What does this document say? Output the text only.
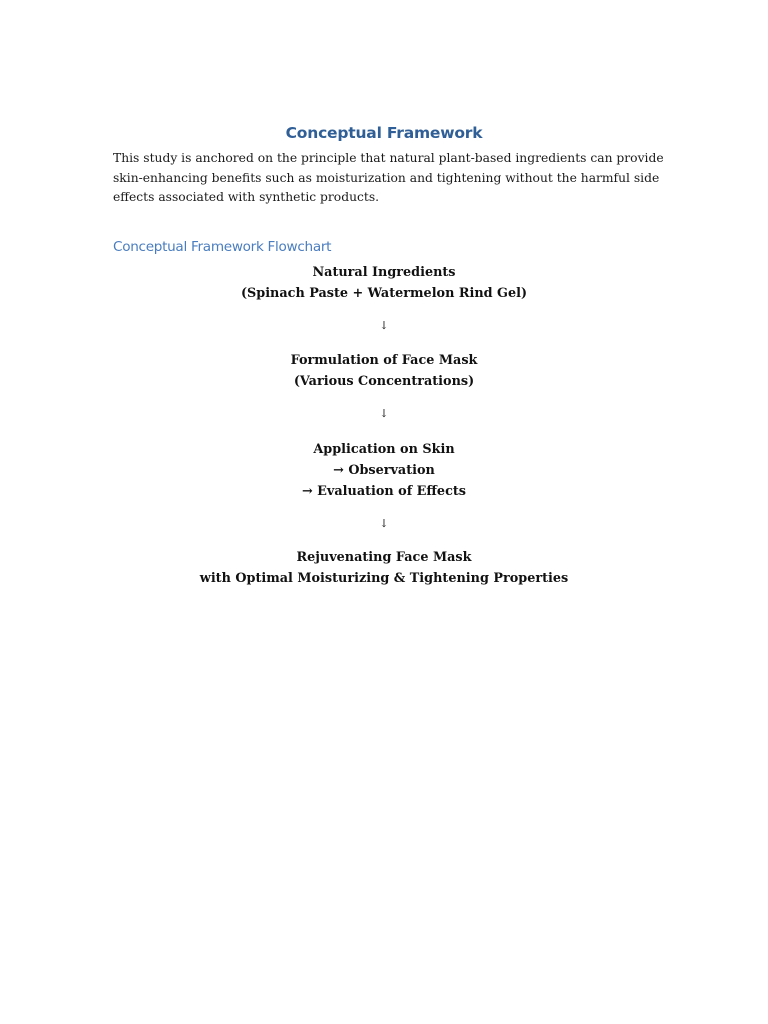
Conceptual Framework
This study is anchored on the principle that natural plant-based ingredients can provide
skin-enhancing benefits such as moisturization and tightening without the harmful side
effects associated with synthetic products.
Conceptual Framework Flowchart
Natural Ingredients
(Spinach Paste + Watermelon Rind Gel)
↓
Formulation of Face Mask
(Various Concentrations)
↓
Application on Skin
→ Observation
→ Evaluation of Effects
↓
Rejuvenating Face Mask
with Optimal Moisturizing & Tightening Properties
